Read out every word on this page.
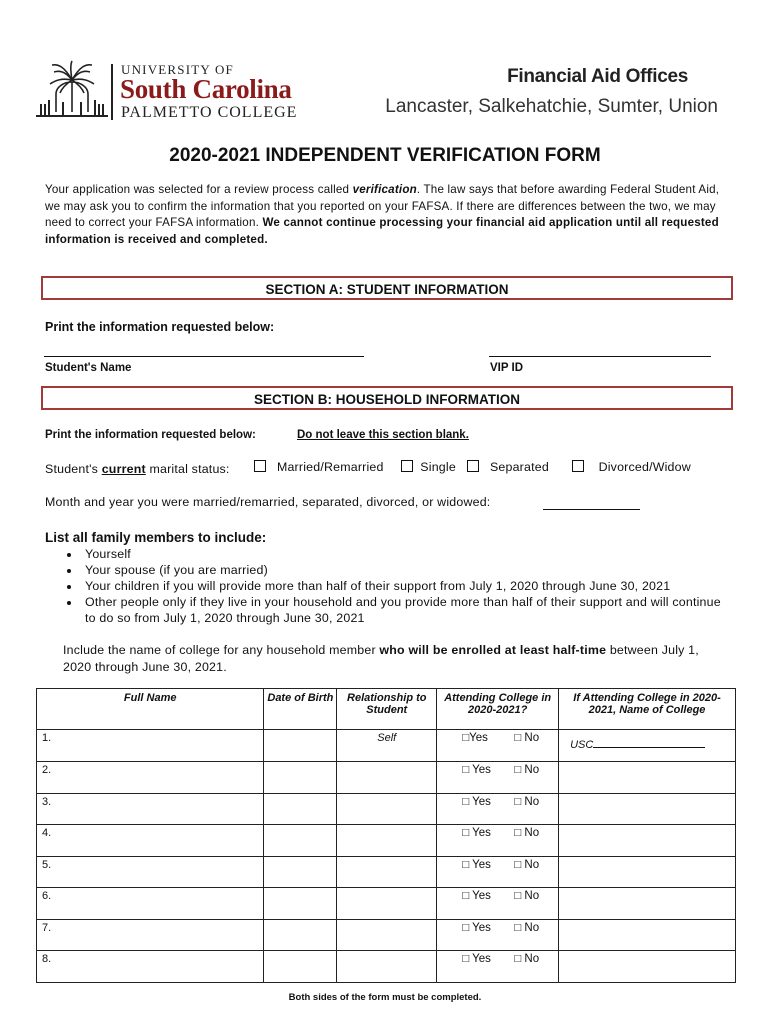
UNIVERSITY OF
South Carolina
PALMETTO COLLEGE
Financial Aid Offices
Lancaster, Salkehatchie, Sumter, Union
2020-2021 INDEPENDENT VERIFICATION FORM
Your application was selected for a review process called verification. The law says that before awarding Federal Student Aid, we may ask you to confirm the information that you reported on your FAFSA. If there are differences between the two, we may need to correct your FAFSA information. We cannot continue processing your financial aid application until all requested information is received and completed.
SECTION A: STUDENT INFORMATION
Print the information requested below:
Student's Name	VIP ID
SECTION B: HOUSEHOLD INFORMATION
Print the information requested below:	Do not leave this section blank.
Student's current marital status:	Married/Remarried	Single	Separated	Divorced/Widow
Month and year you were married/remarried, separated, divorced, or widowed:
List all family members to include:
• Yourself
• Your spouse (if you are married)
• Your children if you will provide more than half of their support from July 1, 2020 through June 30, 2021
• Other people only if they live in your household and you provide more than half of their support and will continue to do so from July 1, 2020 through June 30, 2021
Include the name of college for any household member who will be enrolled at least half-time between July 1, 2020 through June 30, 2021.
Full Name	Date of Birth	Relationship to Student	Attending College in 2020-2021?	If Attending College in 2020-2021, Name of College
1.		Self	□Yes □ No	USC

2.			□ Yes □ No	

3.			□ Yes □ No	

4.			□ Yes □ No	

5.			□ Yes □ No	

6.			□ Yes □ No	

7.			□ Yes □ No	

8.			□ Yes □ No	

Both sides of the form must be completed.
